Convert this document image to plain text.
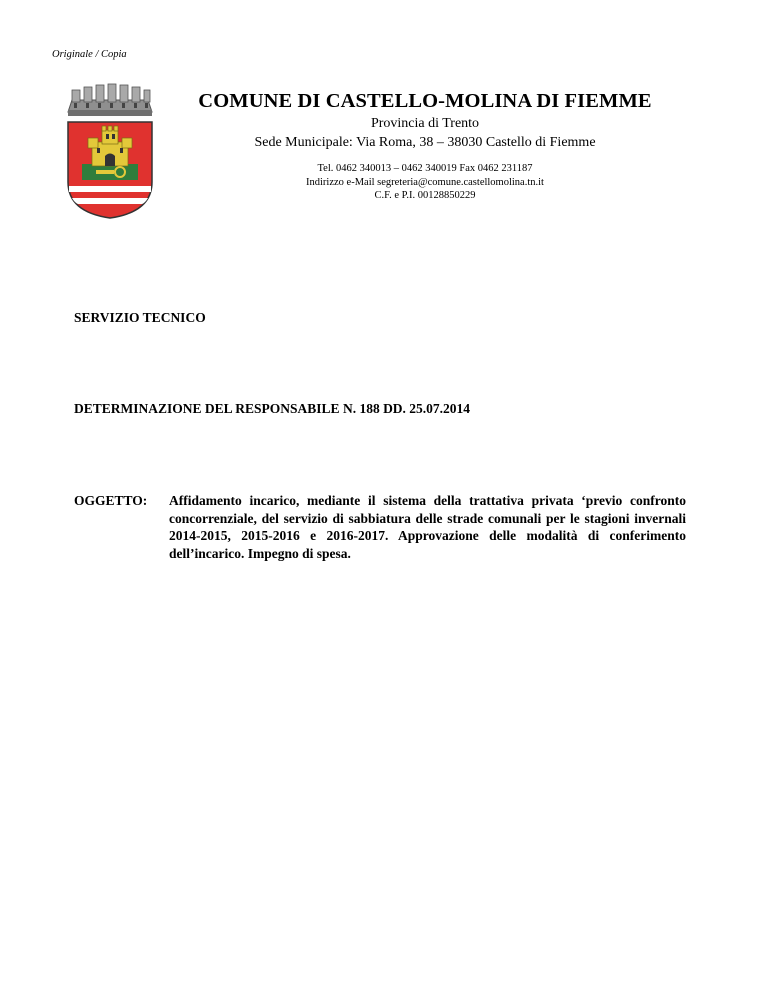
Originale / Copia
COMUNE DI CASTELLO-MOLINA DI FIEMME
Provincia di Trento
Sede Municipale: Via Roma, 38 – 38030 Castello di Fiemme
Tel. 0462 340013 – 0462 340019 Fax 0462 231187
Indirizzo e-Mail segreteria@comune.castellomolina.tn.it
C.F. e P.I. 00128850229
SERVIZIO TECNICO
DETERMINAZIONE DEL RESPONSABILE N. 188 DD. 25.07.2014
OGGETTO:	Affidamento incarico, mediante il sistema della trattativa privata ‘previo confronto concorrenziale, del servizio di sabbiatura delle strade comunali per le stagioni invernali 2014-2015, 2015-2016 e 2016-2017. Approvazione delle modalità di conferimento dell’incarico. Impegno di spesa.
